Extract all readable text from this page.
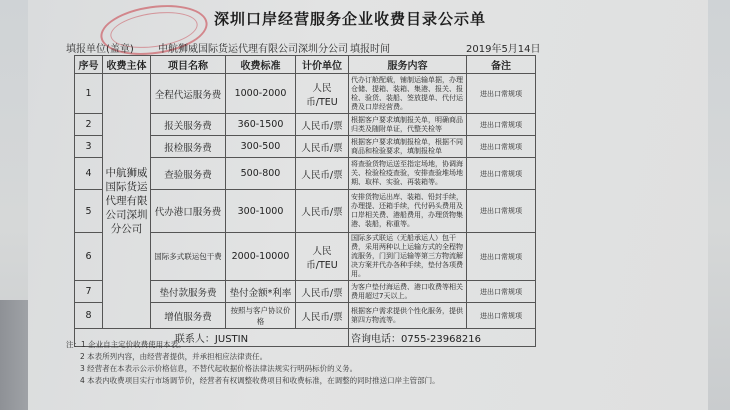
深圳口岸经营服务企业收费目录公示单
填报单位(盖章) 中航狮威国际货运代理有限公司深圳分公司 填报时间	2019年5月14日
序号	收费主体	项目名称	收费标准	计价单位	服务内容	备注
1	中航狮威国际货运代理有限公司深圳分公司	全程代运服务费	1000-2000	人民币/TEU	代办订舱配载，铺制运输单据，办理仓储、提箱、装箱、集港、报关、报检、验货、装船、签放提单、代付运费及口岸经营费。	进出口常规项
2		报关服务费	360-1500	人民币/票	根据客户要求填制报关单，明确商品归类及随附单证，代整关检等	进出口常规项
3		报检服务费	300-500	人民币/票	根据客户要求填制报检单，根据不同商品和检验要求，填制报检单	进出口常规项
4		查验服务费	500-800	人民币/票	将查验货物运送至指定场地，协调海关、检验检疫查验，安排查验堆场地期、取样、实验、再装箱等。	进出口常规项
5		代办港口服务费	300-1000	人民币/票	安排货物运出库、装箱、铅封手续，办理提、还箱手续，代付码头费用及口岸相关费、港船费用，办理货物集港、装船，称重等。	进出口常规项
6		国际多式联运包干费	2000-10000	人民币/TEU	国际多式联运（无船承运人）包干费，采用两种以上运输方式的全程物流服务，门到门运输等第三方物流解决方案并代办各种手续，垫付各项费用。	进出口常规项
7		垫付款服务费	垫付金额*利率	人民币/票	为客户垫付海运费、港口收费等相关费用超过7天以上。	进出口常规项
8		增值服务费	按照与客户协议价格	人民币/票	根据客户需求提供个性化服务，提供第四方物流等。	进出口常规项
联系人：JUSTIN					咨询电话：0755-23968216	
注：1 企业自主定价收费使用本表。
2 本表所列内容，由经营者提供，并承担相应法律责任。
3 经营者在本表示公示价格信息，不替代起收据价格法律法规实行明码标价的义务。
4 本表内收费项目实行市场调节价，经营者有权调整收费项目和收费标准，在调整的同时推送口岸主管部门。
